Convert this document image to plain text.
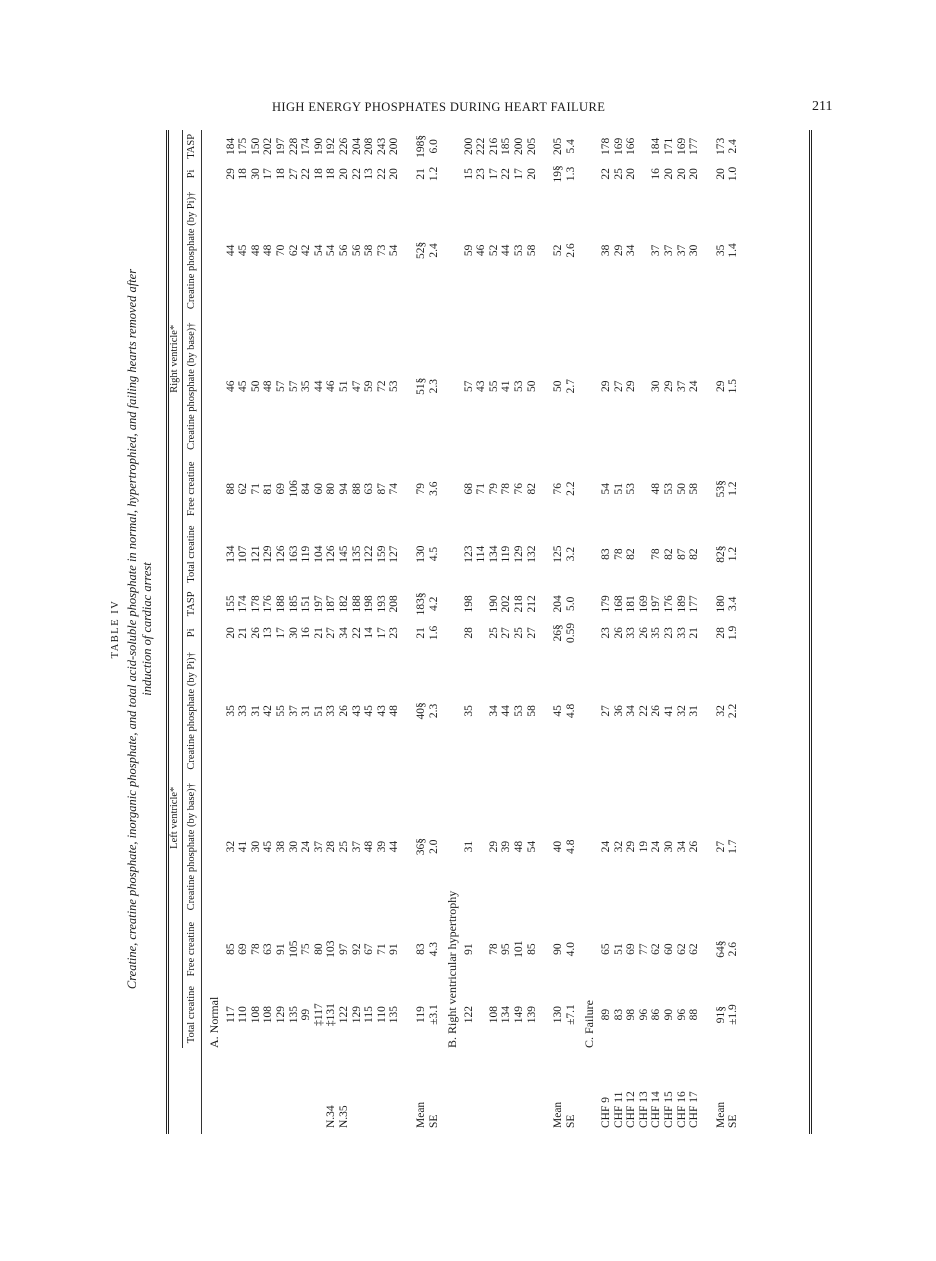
HIGH ENERGY PHOSPHATES DURING HEART FAILURE	211
TABLE IV Creatine, creatine phosphate, inorganic phosphate, and total acid-soluble phosphate in normal, hypertrophied, and failing hearts removed after induction of cardiac arrest
	Left ventricle*						Right ventricle*					
	Total creatine	Free creatine	Creatine phosphate (by base)†	Creatine phosphate (by Pi)†	Pi	TASP	Total creatine	Free creatine	Creatine phosphate (by base)†	Creatine phosphate (by Pi)†	Pi	TASP

	A. Normal											
	117	85	32	35	20	155	134	88	46	44	29	184
	110	69	41	33	21	174	107	62	45	45	18	175
	108	78	30	31	26	178	121	71	50	48	30	150
	108	63	45	42	13	176	129	81	48	48	17	202
	129	91	38	55	17	188	126	69	57	70	18	197
	135	105	30	37	30	185	163	106	57	62	27	228
	99	75	24	31	16	151	119	84	35	42	22	174
	‡117	80	37	51	21	197	104	60	44	54	18	190
N.34	‡131	103	28	33	27	187	126	80	46	54	18	192
N.35	122	97	25	26	34	182	145	94	51	56	20	226
	129	92	37	43	22	188	135	88	47	56	22	204
	115	67	48	45	14	198	122	63	59	58	13	208
	110	71	39	43	17	193	159	87	72	73	22	243
	135	91	44	48	23	208	127	74	53	54	20	200

Mean	119	83	36§	40§	21	183§	130	79	51§	52§	21	198§
SE	±3.1	4.3	2.0	2.3	1.6	4.2	4.5	3.6	2.3	2.4	1.2	6.0
	B. Right ventricular hypertrophy											
	122	91	31	35	28	198	123	68	57	59	15	200
							114	71	43	46	23	222
	108	78	29	34	25	190	134	79	55	52	17	216
	134	95	39	44	27	202	119	78	41	44	22	185
	149	101	48	53	25	218	129	76	53	53	17	200
	139	85	54	58	27	212	132	82	50	58	20	205

Mean	130	90	40	45	26§	204	125	76	50	52	19§	205
SE	±7.1	4.0	4.8	4.8	0.59	5.0	3.2	2.2	2.7	2.6	1.3	5.4
	C. Failure											
CHF 9	89	65	24	27	23	179	83	54	29	38	22	178
CHF 11	83	51	32	36	26	168	78	51	27	29	25	169
CHF 12	98	69	29	34	33	181	82	53	29	34	20	166
CHF 13	96	77	19	22	26	169						
CHF 14	86	62	24	26	35	197	78	48	30	37	16	184
CHF 15	90	60	30	41	23	176	82	53	29	37	20	171
CHF 16	96	62	34	32	33	189	87	50	37	37	20	169
CHF 17	88	62	26	31	21	177	82	58	24	30	20	177

Mean	91§	64§	27	32	28	180	82§	53§	29	35	20	173
SE	±1.9	2.6	1.7	2.2	1.9	3.4	1.2	1.2	1.5	1.4	1.0	2.4
